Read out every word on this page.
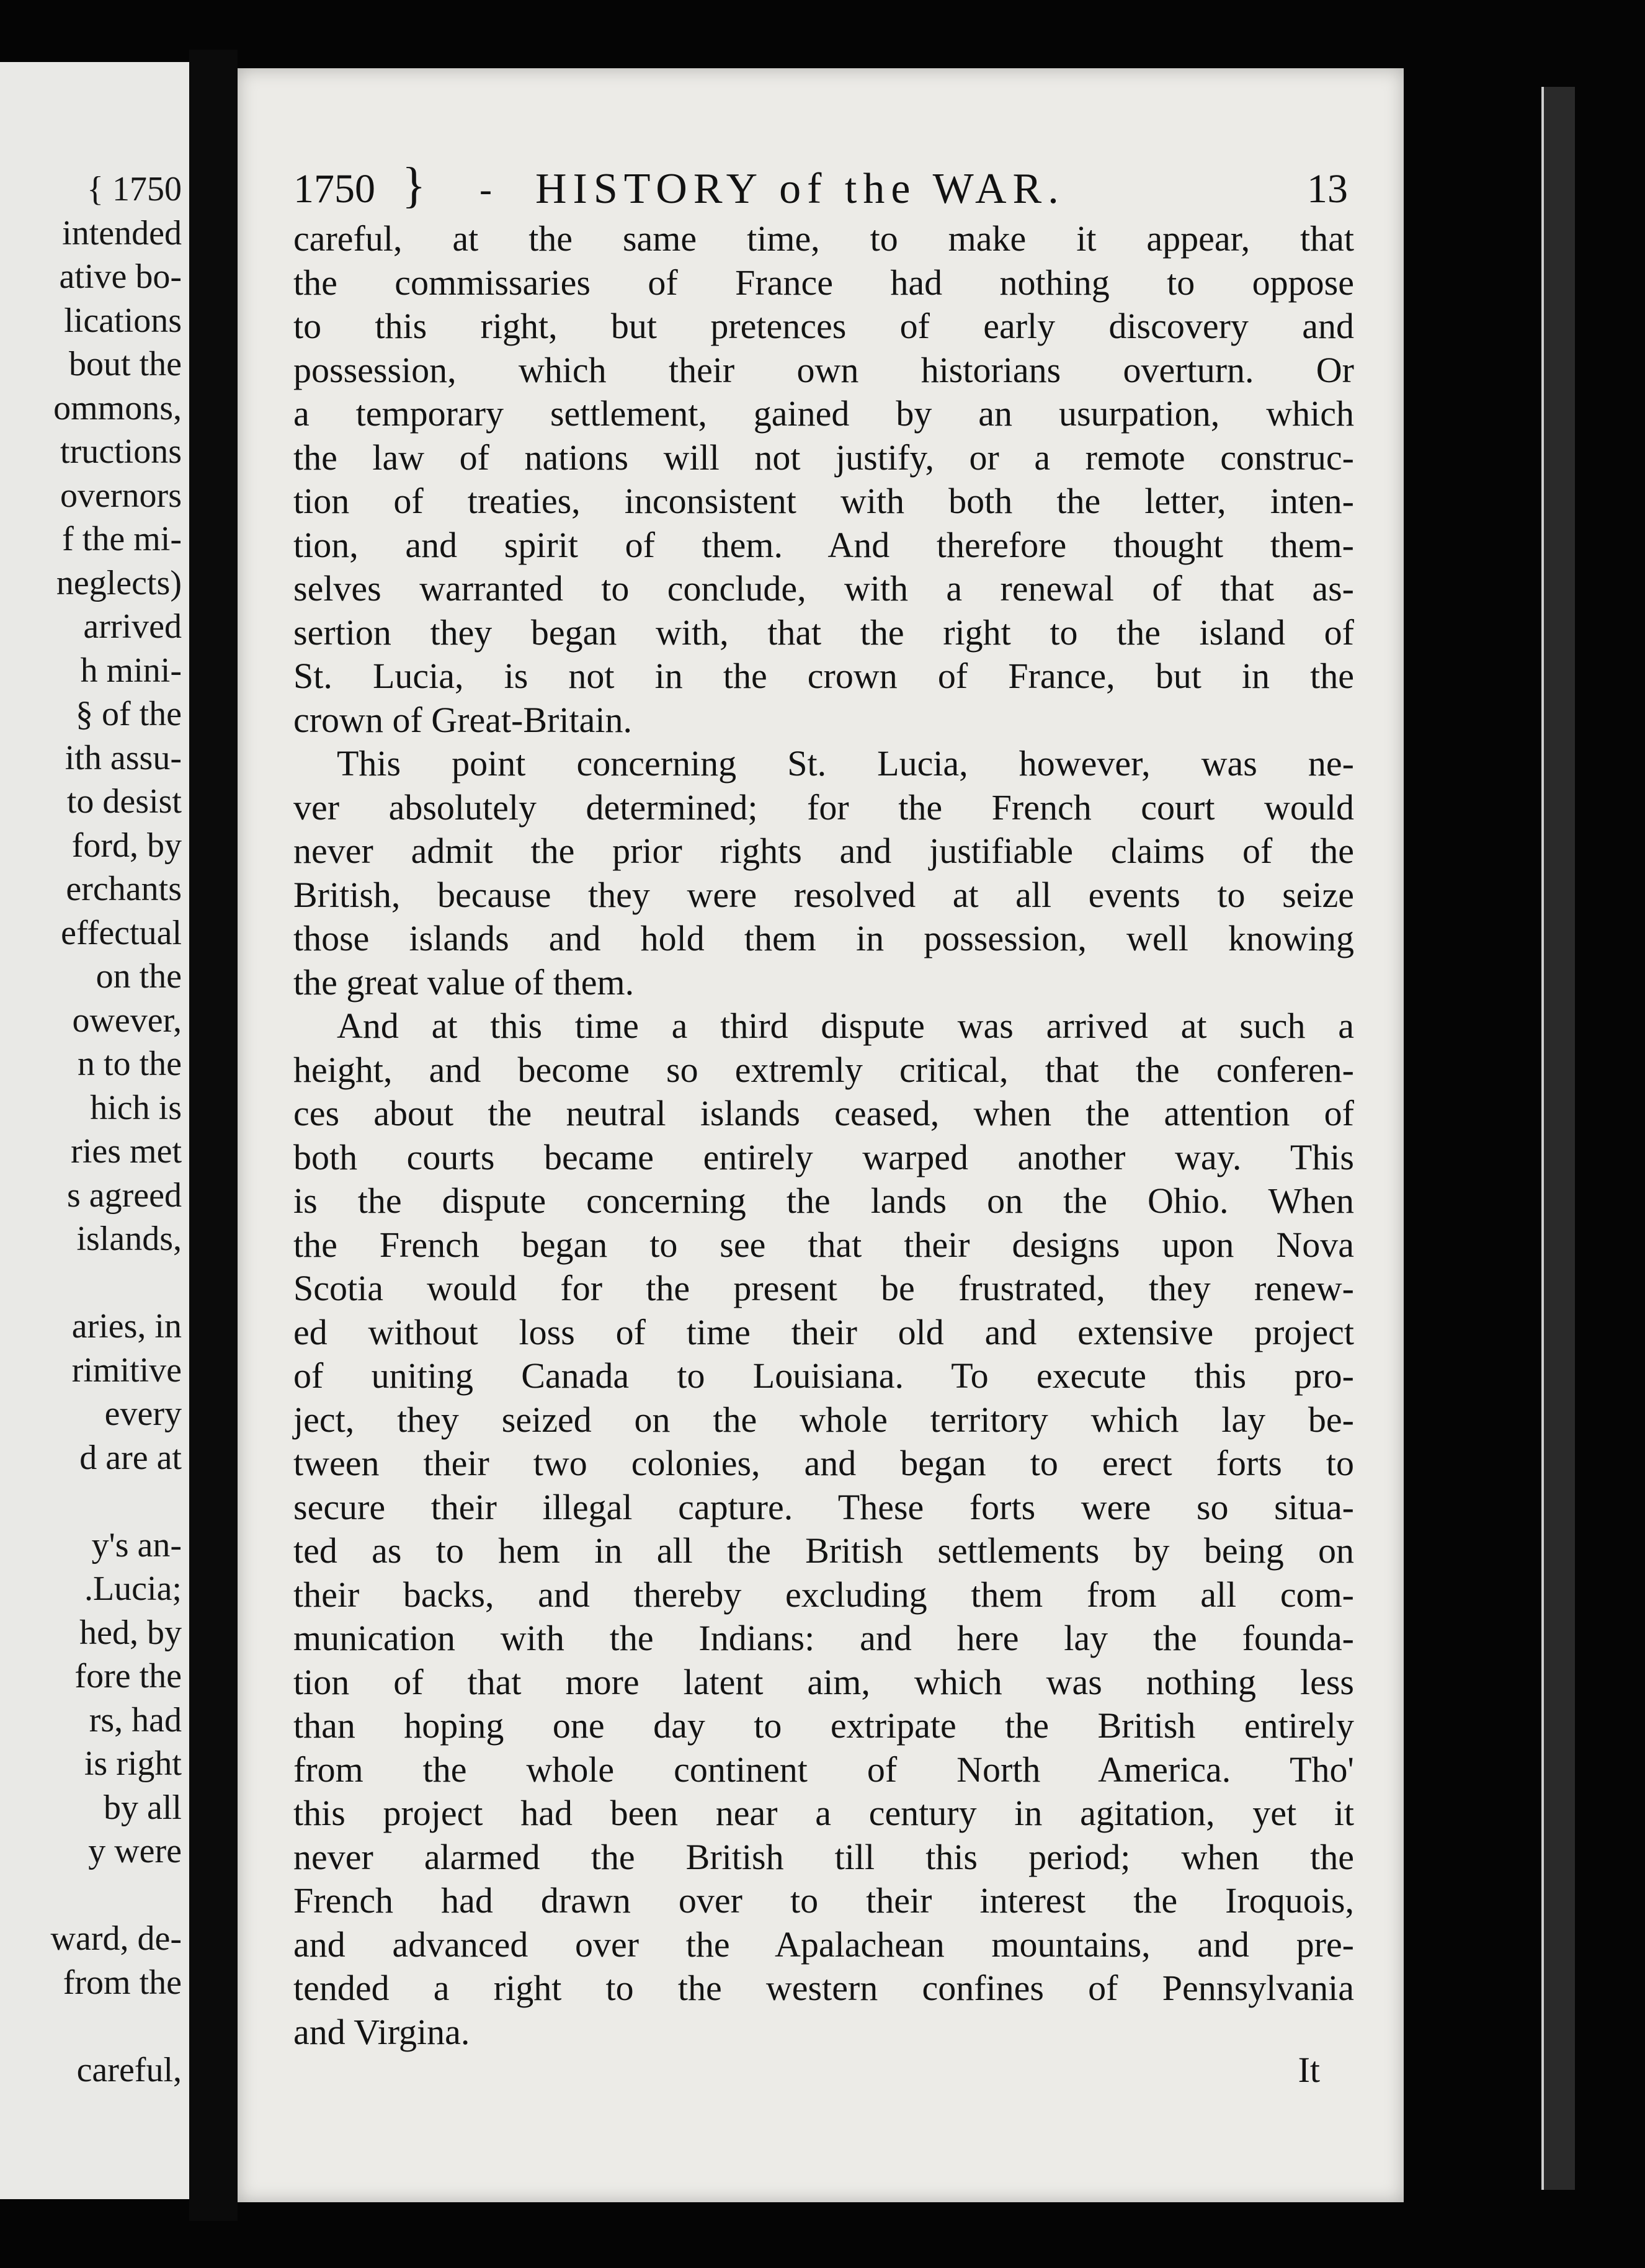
{ 1750
intended
ative bo-
lications
bout the
ommons,
tructions
overnors
f the mi-
neglects)
arrived
h mini-
§ of the
ith assu-
to desist
ford, by
erchants
effectual
on the
owever,
n to the
hich is
ries met
s agreed
islands,
aries, in
rimitive
every
d are at
y's an-
.Lucia;
hed, by
fore the
rs, had
is right
by all
y were
ward, de-
from the
careful,
1750 } - HISTORY of the WAR.	13
careful, at the same time, to make it appear, that
the commissaries of France had nothing to oppose
to this right, but pretences of early discovery and
possession, which their own historians overturn. Or
a temporary settlement, gained by an usurpation, which
the law of nations will not justify, or a remote construc-
tion of treaties, inconsistent with both the letter, inten-
tion, and spirit of them. And therefore thought them-
selves warranted to conclude, with a renewal of that as-
sertion they began with, that the right to the island of
St. Lucia, is not in the crown of France, but in the
crown of Great-Britain.
This point concerning St. Lucia, however, was ne-
ver absolutely determined; for the French court would
never admit the prior rights and justifiable claims of the
British, because they were resolved at all events to seize
those islands and hold them in possession, well knowing
the great value of them.
And at this time a third dispute was arrived at such a
height, and become so extremly critical, that the conferen-
ces about the neutral islands ceased, when the attention of
both courts became entirely warped another way. This
is the dispute concerning the lands on the Ohio. When
the French began to see that their designs upon Nova
Scotia would for the present be frustrated, they renew-
ed without loss of time their old and extensive project
of uniting Canada to Louisiana. To execute this pro-
ject, they seized on the whole territory which lay be-
tween their two colonies, and began to erect forts to
secure their illegal capture. These forts were so situa-
ted as to hem in all the British settlements by being on
their backs, and thereby excluding them from all com-
munication with the Indians: and here lay the founda-
tion of that more latent aim, which was nothing less
than hoping one day to extripate the British entirely
from the whole continent of North America. Tho'
this project had been near a century in agitation, yet it
never alarmed the British till this period; when the
French had drawn over to their interest the Iroquois,
and advanced over the Apalachean mountains, and pre-
tended a right to the western confines of Pennsylvania
and Virgina.
It
